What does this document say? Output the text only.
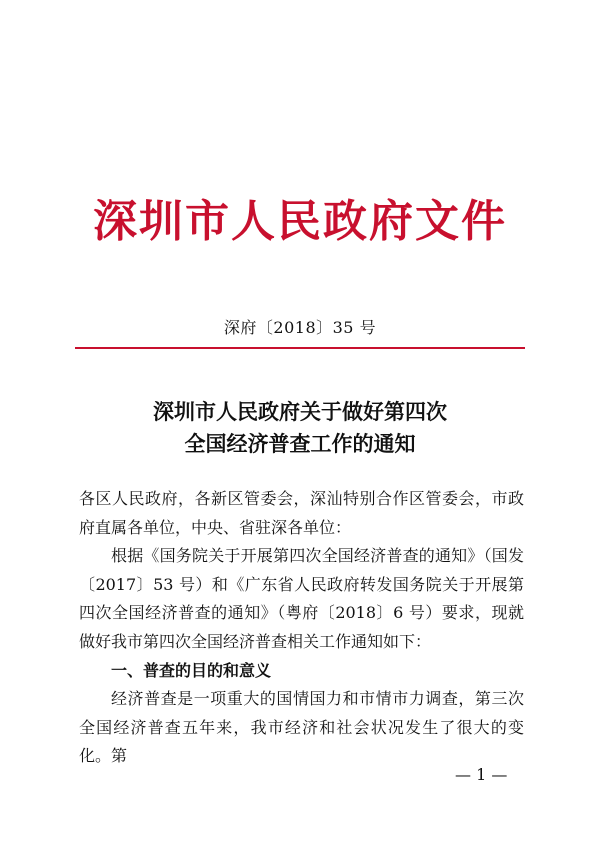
深圳市人民政府文件
深府〔2018〕35 号
深圳市人民政府关于做好第四次
全国经济普查工作的通知

各区人民政府，各新区管委会，深汕特别合作区管委会，市政府直属各单位，中央、省驻深各单位：

根据《国务院关于开展第四次全国经济普查的通知》（国发〔2017〕53 号）和《广东省人民政府转发国务院关于开展第四次全国经济普查的通知》（粤府〔2018〕6 号）要求，现就做好我市第四次全国经济普查相关工作通知如下：

一、普查的目的和意义

经济普查是一项重大的国情国力和市情市力调查，第三次全国经济普查五年来，我市经济和社会状况发生了很大的变化。第

— 1 —
